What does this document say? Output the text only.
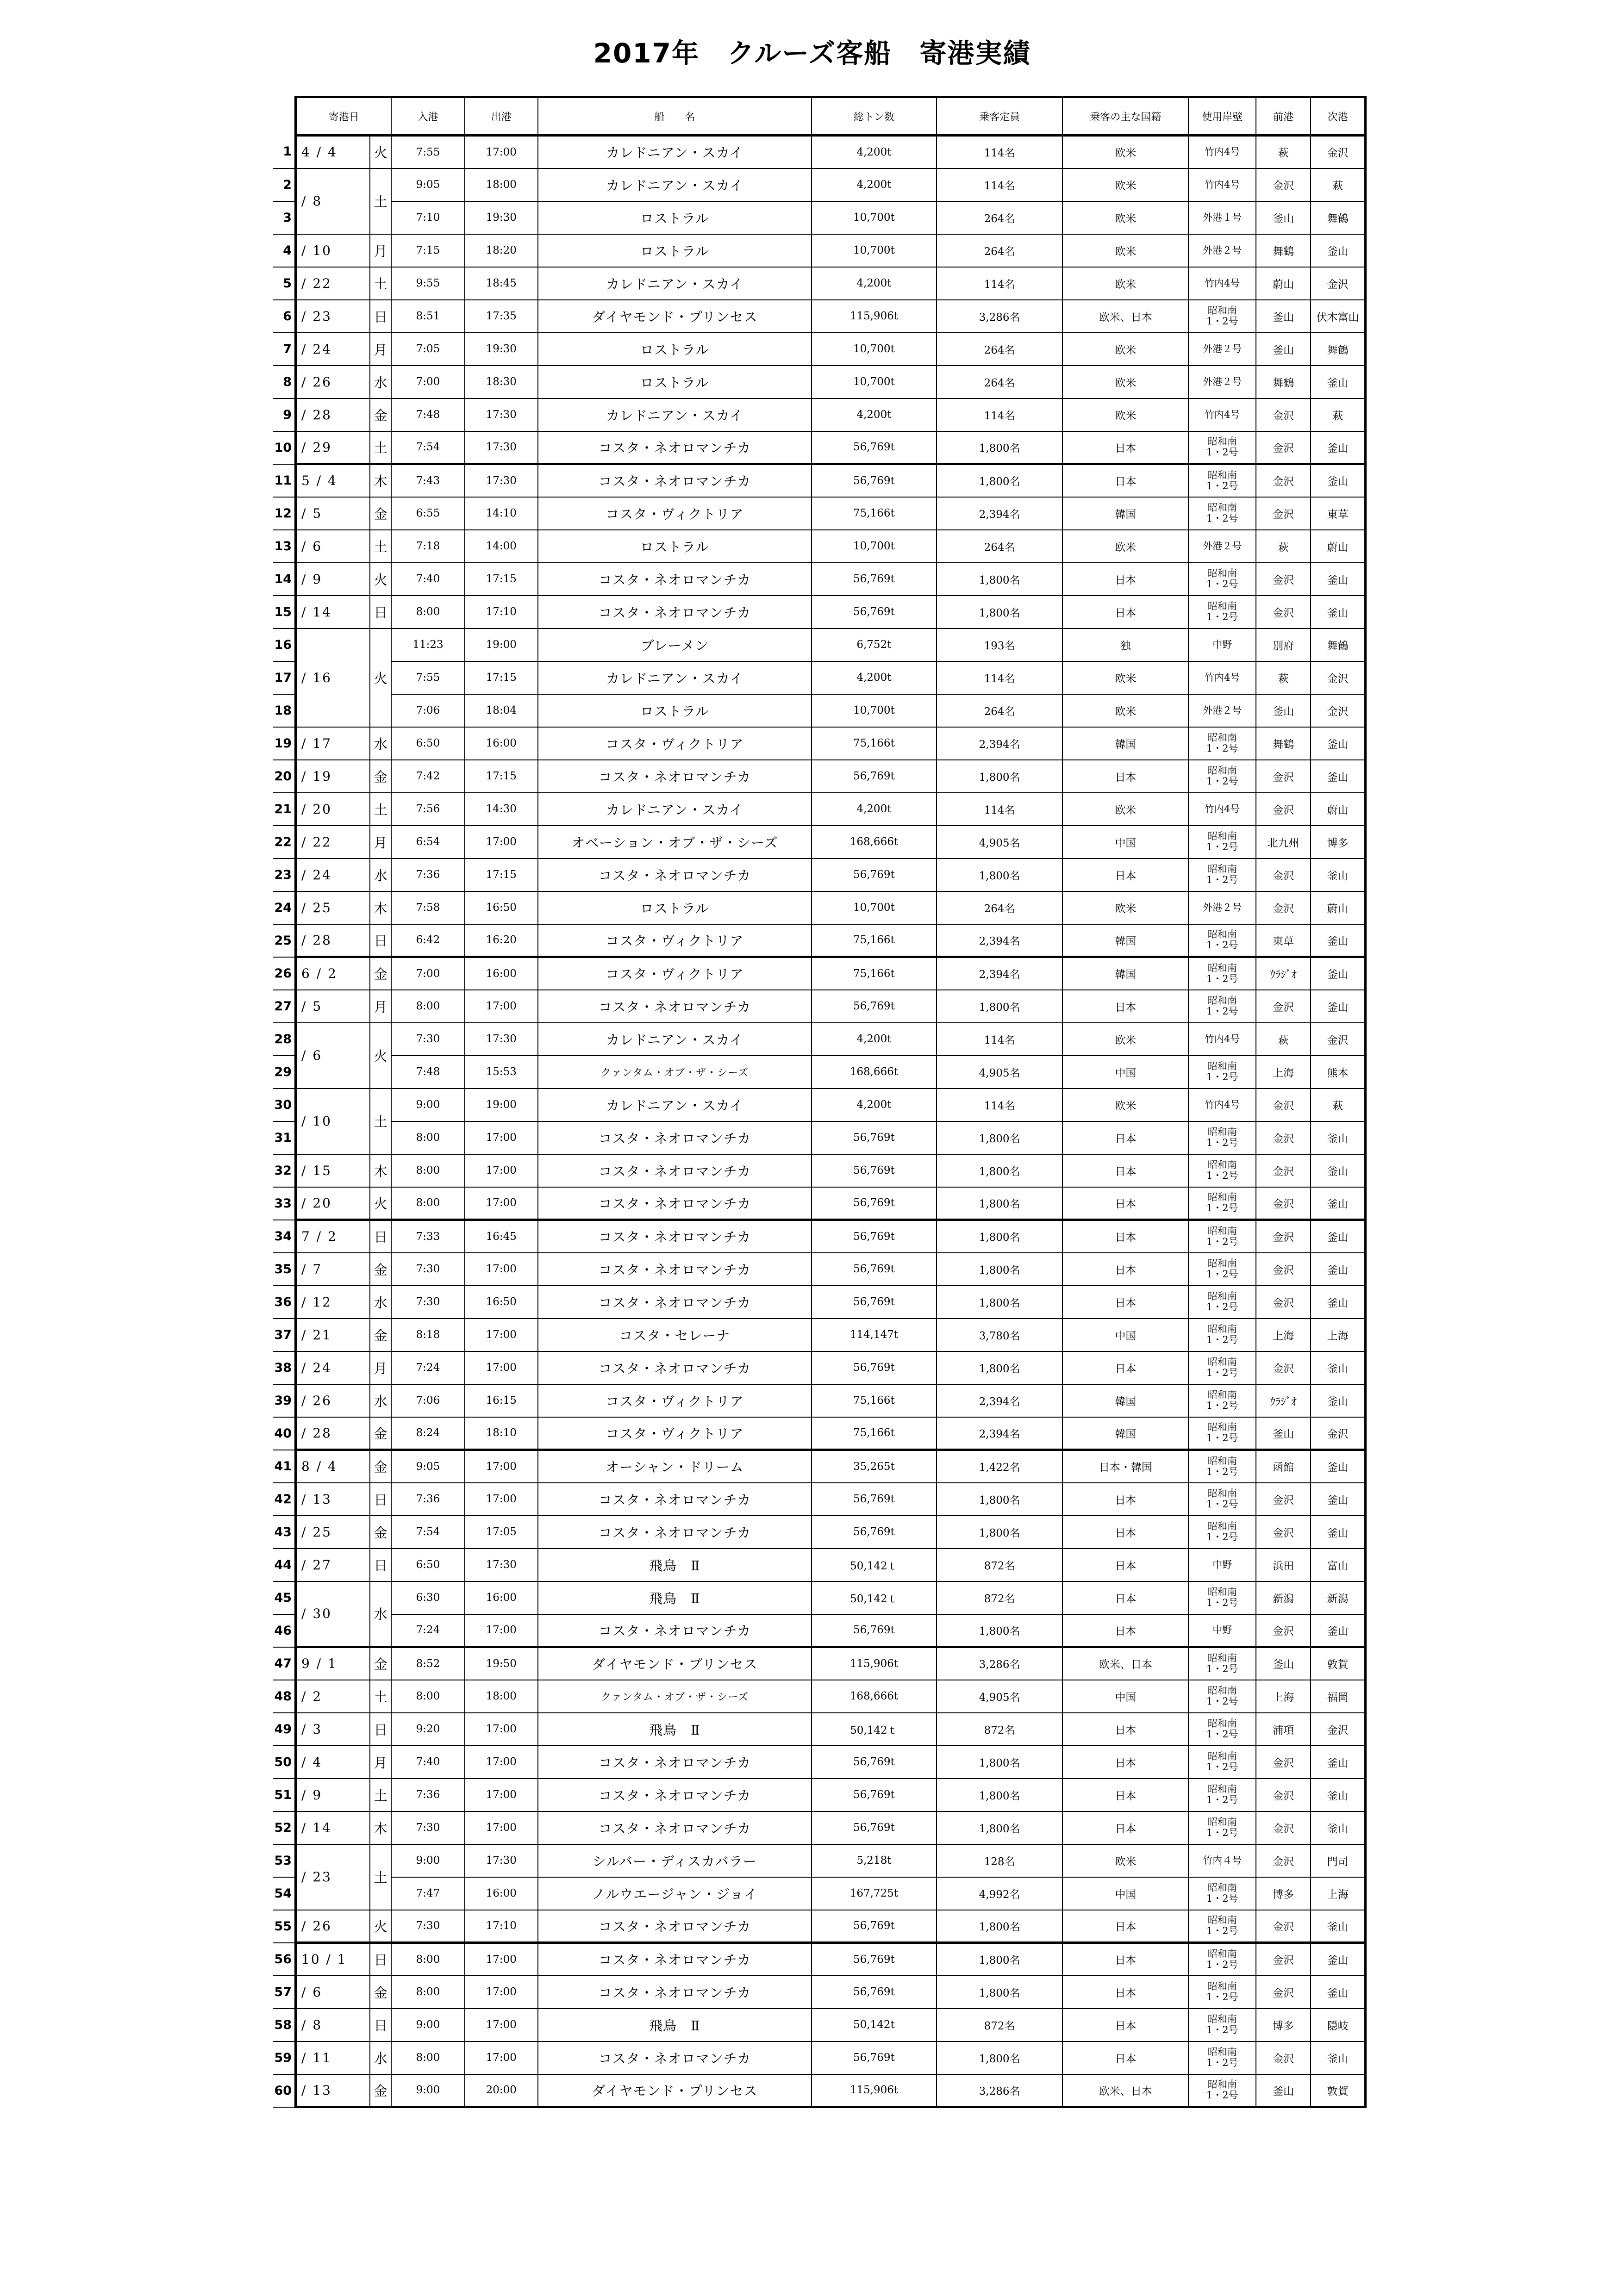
2017年　クルーズ客船　寄港実績
	寄港日		入港	出港	船　　名	総トン数	乗客定員	乗客の主な国籍	使用岸壁	前港	次港
1	4 / 4	火	7:55	17:00	カレドニアン・スカイ	4,200t	114名	欧米	竹内4号	萩	金沢
2	/ 8	土	9:05	18:00	カレドニアン・スカイ	4,200t	114名	欧米	竹内4号	金沢	萩
3			7:10	19:30	ロストラル	10,700t	264名	欧米	外港１号	釜山	舞鶴
4	/ 10	月	7:15	18:20	ロストラル	10,700t	264名	欧米	外港２号	舞鶴	釜山
5	/ 22	土	9:55	18:45	カレドニアン・スカイ	4,200t	114名	欧米	竹内4号	蔚山	金沢
6	/ 23	日	8:51	17:35	ダイヤモンド・プリンセス	115,906t	3,286名	欧米、日本	昭和南
1・2号	釜山	伏木富山
7	/ 24	月	7:05	19:30	ロストラル	10,700t	264名	欧米	外港２号	釜山	舞鶴
8	/ 26	水	7:00	18:30	ロストラル	10,700t	264名	欧米	外港２号	舞鶴	釜山
9	/ 28	金	7:48	17:30	カレドニアン・スカイ	4,200t	114名	欧米	竹内4号	金沢	萩
10	/ 29	土	7:54	17:30	コスタ・ネオロマンチカ	56,769t	1,800名	日本	昭和南
1・2号	金沢	釜山
11	5 / 4	木	7:43	17:30	コスタ・ネオロマンチカ	56,769t	1,800名	日本	昭和南
1・2号	金沢	釜山
12	/ 5	金	6:55	14:10	コスタ・ヴィクトリア	75,166t	2,394名	韓国	昭和南
1・2号	金沢	東草
13	/ 6	土	7:18	14:00	ロストラル	10,700t	264名	欧米	外港２号	萩	蔚山
14	/ 9	火	7:40	17:15	コスタ・ネオロマンチカ	56,769t	1,800名	日本	昭和南
1・2号	金沢	釜山
15	/ 14	日	8:00	17:10	コスタ・ネオロマンチカ	56,769t	1,800名	日本	昭和南
1・2号	金沢	釜山
16	/ 16	火	11:23	19:00	ブレーメン	6,752t	193名	独	中野	別府	舞鶴
17			7:55	17:15	カレドニアン・スカイ	4,200t	114名	欧米	竹内4号	萩	金沢
18			7:06	18:04	ロストラル	10,700t	264名	欧米	外港２号	釜山	金沢
19	/ 17	水	6:50	16:00	コスタ・ヴィクトリア	75,166t	2,394名	韓国	昭和南
1・2号	舞鶴	釜山
20	/ 19	金	7:42	17:15	コスタ・ネオロマンチカ	56,769t	1,800名	日本	昭和南
1・2号	金沢	釜山
21	/ 20	土	7:56	14:30	カレドニアン・スカイ	4,200t	114名	欧米	竹内4号	金沢	蔚山
22	/ 22	月	6:54	17:00	オベーション・オブ・ザ・シーズ	168,666t	4,905名	中国	昭和南
1・2号	北九州	博多
23	/ 24	水	7:36	17:15	コスタ・ネオロマンチカ	56,769t	1,800名	日本	昭和南
1・2号	金沢	釜山
24	/ 25	木	7:58	16:50	ロストラル	10,700t	264名	欧米	外港２号	金沢	蔚山
25	/ 28	日	6:42	16:20	コスタ・ヴィクトリア	75,166t	2,394名	韓国	昭和南
1・2号	東草	釜山
26	6 / 2	金	7:00	16:00	コスタ・ヴィクトリア	75,166t	2,394名	韓国	昭和南
1・2号	ｳﾗｼﾞｵ	釜山
27	/ 5	月	8:00	17:00	コスタ・ネオロマンチカ	56,769t	1,800名	日本	昭和南
1・2号	金沢	釜山
28	/ 6	火	7:30	17:30	カレドニアン・スカイ	4,200t	114名	欧米	竹内4号	萩	金沢
29			7:48	15:53	クァンタム・オブ・ザ・シーズ	168,666t	4,905名	中国	昭和南
1・2号	上海	熊本
30	/ 10	土	9:00	19:00	カレドニアン・スカイ	4,200t	114名	欧米	竹内4号	金沢	萩
31			8:00	17:00	コスタ・ネオロマンチカ	56,769t	1,800名	日本	昭和南
1・2号	金沢	釜山
32	/ 15	木	8:00	17:00	コスタ・ネオロマンチカ	56,769t	1,800名	日本	昭和南
1・2号	金沢	釜山
33	/ 20	火	8:00	17:00	コスタ・ネオロマンチカ	56,769t	1,800名	日本	昭和南
1・2号	金沢	釜山
34	7 / 2	日	7:33	16:45	コスタ・ネオロマンチカ	56,769t	1,800名	日本	昭和南
1・2号	金沢	釜山
35	/ 7	金	7:30	17:00	コスタ・ネオロマンチカ	56,769t	1,800名	日本	昭和南
1・2号	金沢	釜山
36	/ 12	水	7:30	16:50	コスタ・ネオロマンチカ	56,769t	1,800名	日本	昭和南
1・2号	金沢	釜山
37	/ 21	金	8:18	17:00	コスタ・セレーナ	114,147t	3,780名	中国	昭和南
1・2号	上海	上海
38	/ 24	月	7:24	17:00	コスタ・ネオロマンチカ	56,769t	1,800名	日本	昭和南
1・2号	金沢	釜山
39	/ 26	水	7:06	16:15	コスタ・ヴィクトリア	75,166t	2,394名	韓国	昭和南
1・2号	ｳﾗｼﾞｵ	釜山
40	/ 28	金	8:24	18:10	コスタ・ヴィクトリア	75,166t	2,394名	韓国	昭和南
1・2号	釜山	金沢
41	8 / 4	金	9:05	17:00	オーシャン・ドリーム	35,265t	1,422名	日本・韓国	昭和南
1・2号	函館	釜山
42	/ 13	日	7:36	17:00	コスタ・ネオロマンチカ	56,769t	1,800名	日本	昭和南
1・2号	金沢	釜山
43	/ 25	金	7:54	17:05	コスタ・ネオロマンチカ	56,769t	1,800名	日本	昭和南
1・2号	金沢	釜山
44	/ 27	日	6:50	17:30	飛鳥　Ⅱ	50,142ｔ	872名	日本	中野	浜田	富山
45	/ 30	水	6:30	16:00	飛鳥　Ⅱ	50,142ｔ	872名	日本	昭和南
1・2号	新潟	新潟
46			7:24	17:00	コスタ・ネオロマンチカ	56,769t	1,800名	日本	中野	金沢	釜山
47	9 / 1	金	8:52	19:50	ダイヤモンド・プリンセス	115,906t	3,286名	欧米、日本	昭和南
1・2号	釜山	敦賀
48	/ 2	土	8:00	18:00	クァンタム・オブ・ザ・シーズ	168,666t	4,905名	中国	昭和南
1・2号	上海	福岡
49	/ 3	日	9:20	17:00	飛鳥　Ⅱ	50,142ｔ	872名	日本	昭和南
1・2号	浦項	金沢
50	/ 4	月	7:40	17:00	コスタ・ネオロマンチカ	56,769t	1,800名	日本	昭和南
1・2号	金沢	釜山
51	/ 9	土	7:36	17:00	コスタ・ネオロマンチカ	56,769t	1,800名	日本	昭和南
1・2号	金沢	釜山
52	/ 14	木	7:30	17:00	コスタ・ネオロマンチカ	56,769t	1,800名	日本	昭和南
1・2号	金沢	釜山
53	/ 23	土	9:00	17:30	シルバー・ディスカバラー	5,218t	128名	欧米	竹内４号	金沢	門司
54			7:47	16:00	ノルウエージャン・ジョイ	167,725t	4,992名	中国	昭和南
1・2号	博多	上海
55	/ 26	火	7:30	17:10	コスタ・ネオロマンチカ	56,769t	1,800名	日本	昭和南
1・2号	金沢	釜山
56	10 / 1	日	8:00	17:00	コスタ・ネオロマンチカ	56,769t	1,800名	日本	昭和南
1・2号	金沢	釜山
57	/ 6	金	8:00	17:00	コスタ・ネオロマンチカ	56,769t	1,800名	日本	昭和南
1・2号	金沢	釜山
58	/ 8	日	9:00	17:00	飛鳥　Ⅱ	50,142t	872名	日本	昭和南
1・2号	博多	隠岐
59	/ 11	水	8:00	17:00	コスタ・ネオロマンチカ	56,769t	1,800名	日本	昭和南
1・2号	金沢	釜山
60	/ 13	金	9:00	20:00	ダイヤモンド・プリンセス	115,906t	3,286名	欧米、日本	昭和南
1・2号	釜山	敦賀
